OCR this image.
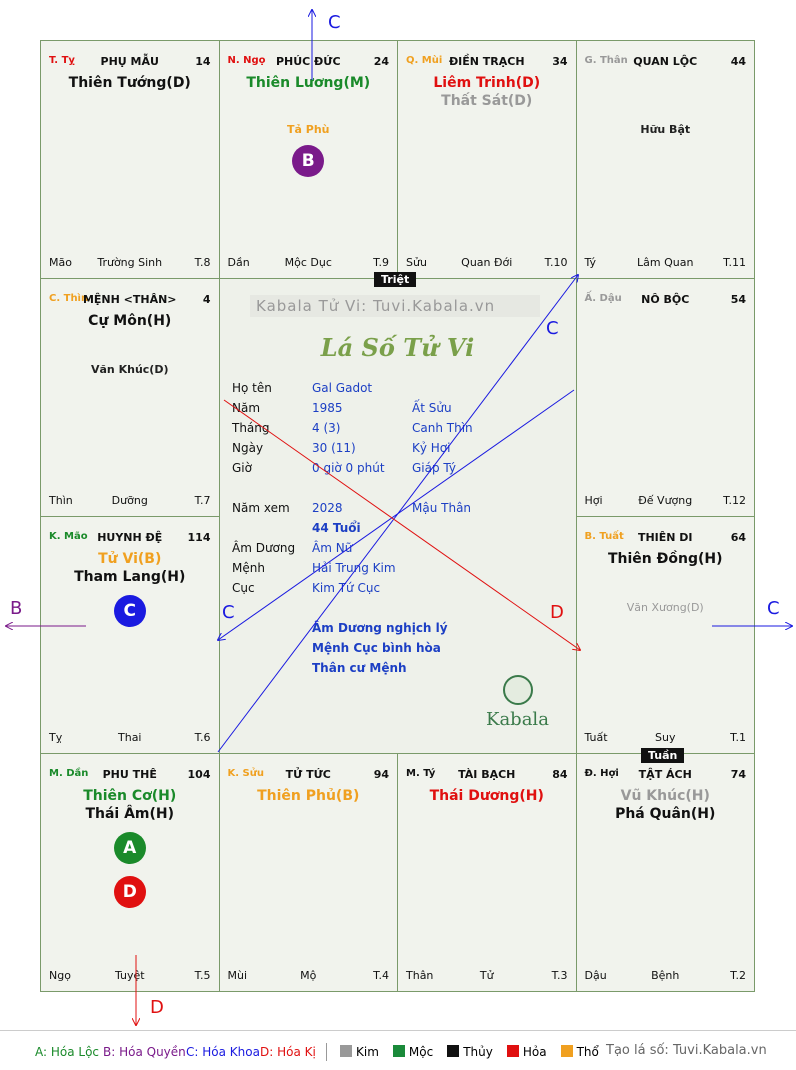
T. Tỵ	PHỤ MẪU	14
Thiên Tướng(D)
Mão	Trường Sinh	T.8
N. Ngọ PHÚC ĐỨC	24
Thiên Lương(M)
Tả Phù
Dần	Mộc Dục	T.9
B
Q. Mùi ĐIỀN TRẠCH	34
Liêm Trinh(D)
Thất Sát(D)
Sửu	Quan Đới	T.10
G. Thân QUAN LỘC	44
Hữu Bật
Tý	Lâm Quan	T.11
C. Thìn
MỆNH <THÂN>	4
Cự Môn(H)
Văn Khúc(D)
Thìn	Dưỡng	T.7
Ấ. Dậu	NÔ BỘC	54
Hợi	Đế Vượng	T.12
K. Mão HUYNH ĐỆ	114
Tử Vi(B)
Tham Lang(H)
Tỵ	Thai	T.6
C
B. Tuất	THIÊN DI	64
Thiên Đồng(H)
Văn Xương(D)
Tuất	Suy	T.1
M. Dần	PHU THÊ	104
Thiên Cơ(H)
Thái Âm(H)
Ngọ	Tuyệt	T.5
A
D
K. Sửu	TỬ TỨC	94
Thiên Phủ(B)
Mùi	Mộ	T.4
M. Tý	TÀI BẠCH	84
Thái Dương(H)
Thân	Tử	T.3
Đ. Hợi	TẬT ÁCH	74
Vũ Khúc(H)
Phá Quân(H)
Dậu	Bệnh	T.2
Kabala Tử Vi: Tuvi.Kabala.vn
Lá Số Tử Vi
Họ tên	Gal Gadot
Năm	1985	Ất Sửu
Tháng	4 (3)	Canh Thìn
Ngày	30 (11)	Kỷ Hợi
Giờ	0 giờ 0 phút	Giáp Tý
Năm xem	2028	Mậu Thân
44 Tuổi
Âm Dương	Âm Nữ
Mệnh	Hải Trung Kim
Cục	Kim Tứ Cục
Âm Dương nghịch lý
Mệnh Cục bình hòa
Thân cư Mệnh
Kabala
C
B	C
D
C
C	D
Triệt
Tuần
A: Hóa Lộc B: Hóa Quyền C: Hóa Khoa D: Hóa Kị	Kim	Mộc	Thủy	Hỏa	Thổ Tạo lá số: Tuvi.Kabala.vn
